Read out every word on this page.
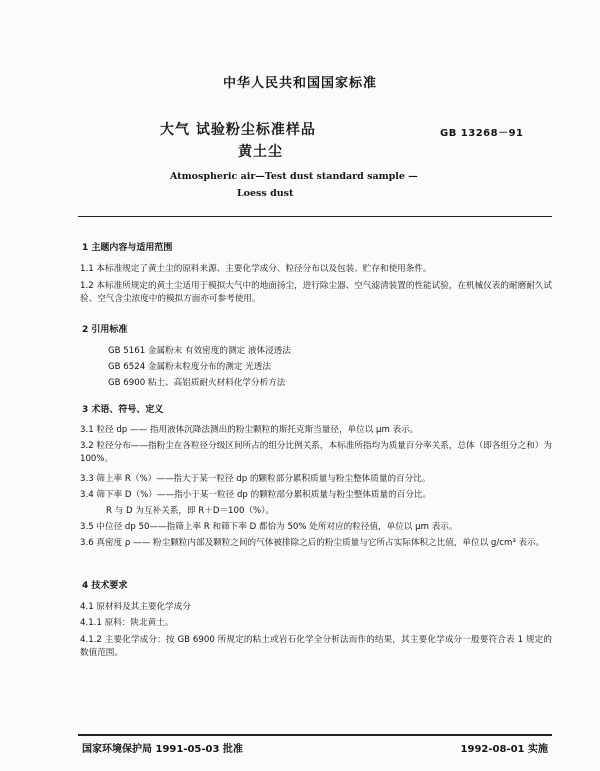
中华人民共和国国家标准
大气 试验粉尘标准样品
黄土尘
GB 13268－91
Atmospheric air—Test dust standard sample —
Loess dust
1 主题内容与适用范围
1.1 本标准规定了黄土尘的原料来源、主要化学成分、粒径分布以及包装、贮存和使用条件。
1.2 本标准所规定的黄土尘适用于模拟大气中的地面扬尘，进行除尘器、空气滤清装置的性能试验，在机械仪表的耐磨耐久试验、空气含尘浓度中的模拟方面亦可参考使用。
2 引用标准
GB 5161 金属粉末 有效密度的测定 液体浸透法
GB 6524 金属粉末粒度分布的测定 光透法
GB 6900 粘土、高铝质耐火材料化学分析方法
3 术语、符号、定义
3.1 粒径 dp —— 指用液体沉降法测出的粉尘颗粒的斯托克斯当量径，单位以 μm 表示。
3.2 粒径分布——指粉尘在各粒径分级区间所占的组分比例关系，本标准所指均为质量百分率关系，总体（即各组分之和）为 100%。
3.3 筛上率 R（%）——指大于某一粒径 dp 的颗粒部分累积质量与粉尘整体质量的百分比。
3.4 筛下率 D（%）——指小于某一粒径 dp 的颗粒部分累积质量与粉尘整体质量的百分比。
R 与 D 为互补关系，即 R＋D＝100（%）。
3.5 中位径 dp 50——指筛上率 R 和筛下率 D 都恰为 50% 处所对应的粒径值，单位以 μm 表示。
3.6 真密度 ρ —— 粉尘颗粒内部及颗粒之间的气体被排除之后的粉尘质量与它所占实际体积之比值，单位以 g/cm³ 表示。
4 技术要求
4.1 原材料及其主要化学成分
4.1.1 原料：陕北黄土。
4.1.2 主要化学成分：按 GB 6900 所规定的粘土或岩石化学全分析法而作的结果，其主要化学成分一般要符合表 1 规定的数值范围。
国家环境保护局 1991-05-03 批准	1992-08-01 实施
